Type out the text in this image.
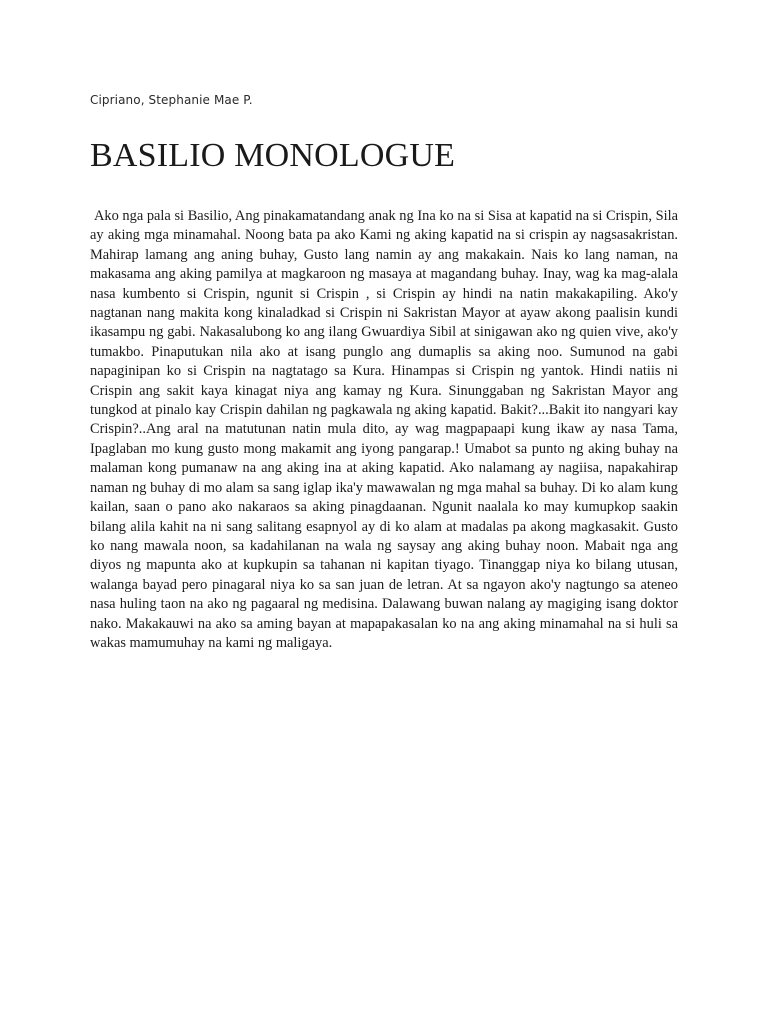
Cipriano, Stephanie Mae P.
BASILIO MONOLOGUE

Ako nga pala si Basilio, Ang pinakamatandang anak ng Ina ko na si Sisa at kapatid na si Crispin, Sila ay aking mga minamahal. Noong bata pa ako Kami ng aking kapatid na si crispin ay nagsasakristan. Mahirap lamang ang aning buhay, Gusto lang namin ay ang makakain. Nais ko lang naman, na makasama ang aking pamilya at magkaroon ng masaya at magandang buhay. Inay, wag ka mag-alala nasa kumbento si Crispin, ngunit si Crispin , si Crispin ay hindi na natin makakapiling. Ako'y nagtanan nang makita kong kinaladkad si Crispin ni Sakristan Mayor at ayaw akong paalisin kundi ikasampu ng gabi. Nakasalubong ko ang ilang Gwuardiya Sibil at sinigawan ako ng quien vive, ako'y tumakbo. Pinaputukan nila ako at isang punglo ang dumaplis sa aking noo. Sumunod na gabi napaginipan ko si Crispin na nagtatago sa Kura. Hinampas si Crispin ng yantok. Hindi natiis ni Crispin ang sakit kaya kinagat niya ang kamay ng Kura. Sinunggaban ng Sakristan Mayor ang tungkod at pinalo kay Crispin dahilan ng pagkawala ng aking kapatid. Bakit?...Bakit ito nangyari kay Crispin?..Ang aral na matutunan natin mula dito, ay wag magpapaapi kung ikaw ay nasa Tama, Ipaglaban mo kung gusto mong makamit ang iyong pangarap.! Umabot sa punto ng aking buhay na malaman kong pumanaw na ang aking ina at aking kapatid. Ako nalamang ay nagiisa, napakahirap naman ng buhay di mo alam sa sang iglap ika'y mawawalan ng mga mahal sa buhay. Di ko alam kung kailan, saan o pano ako nakaraos sa aking pinagdaanan. Ngunit naalala ko may kumupkop saakin bilang alila kahit na ni sang salitang esapnyol ay di ko alam at madalas pa akong magkasakit. Gusto ko nang mawala noon, sa kadahilanan na wala ng saysay ang aking buhay noon. Mabait nga ang diyos ng mapunta ako at kupkupin sa tahanan ni kapitan tiyago. Tinanggap niya ko bilang utusan, walanga bayad pero pinagaral niya ko sa san juan de letran. At sa ngayon ako'y nagtungo sa ateneo nasa huling taon na ako ng pagaaral ng medisina. Dalawang buwan nalang ay magiging isang doktor nako. Makakauwi na ako sa aming bayan at mapapakasalan ko na ang aking minamahal na si huli sa wakas mamumuhay na kami ng maligaya.
